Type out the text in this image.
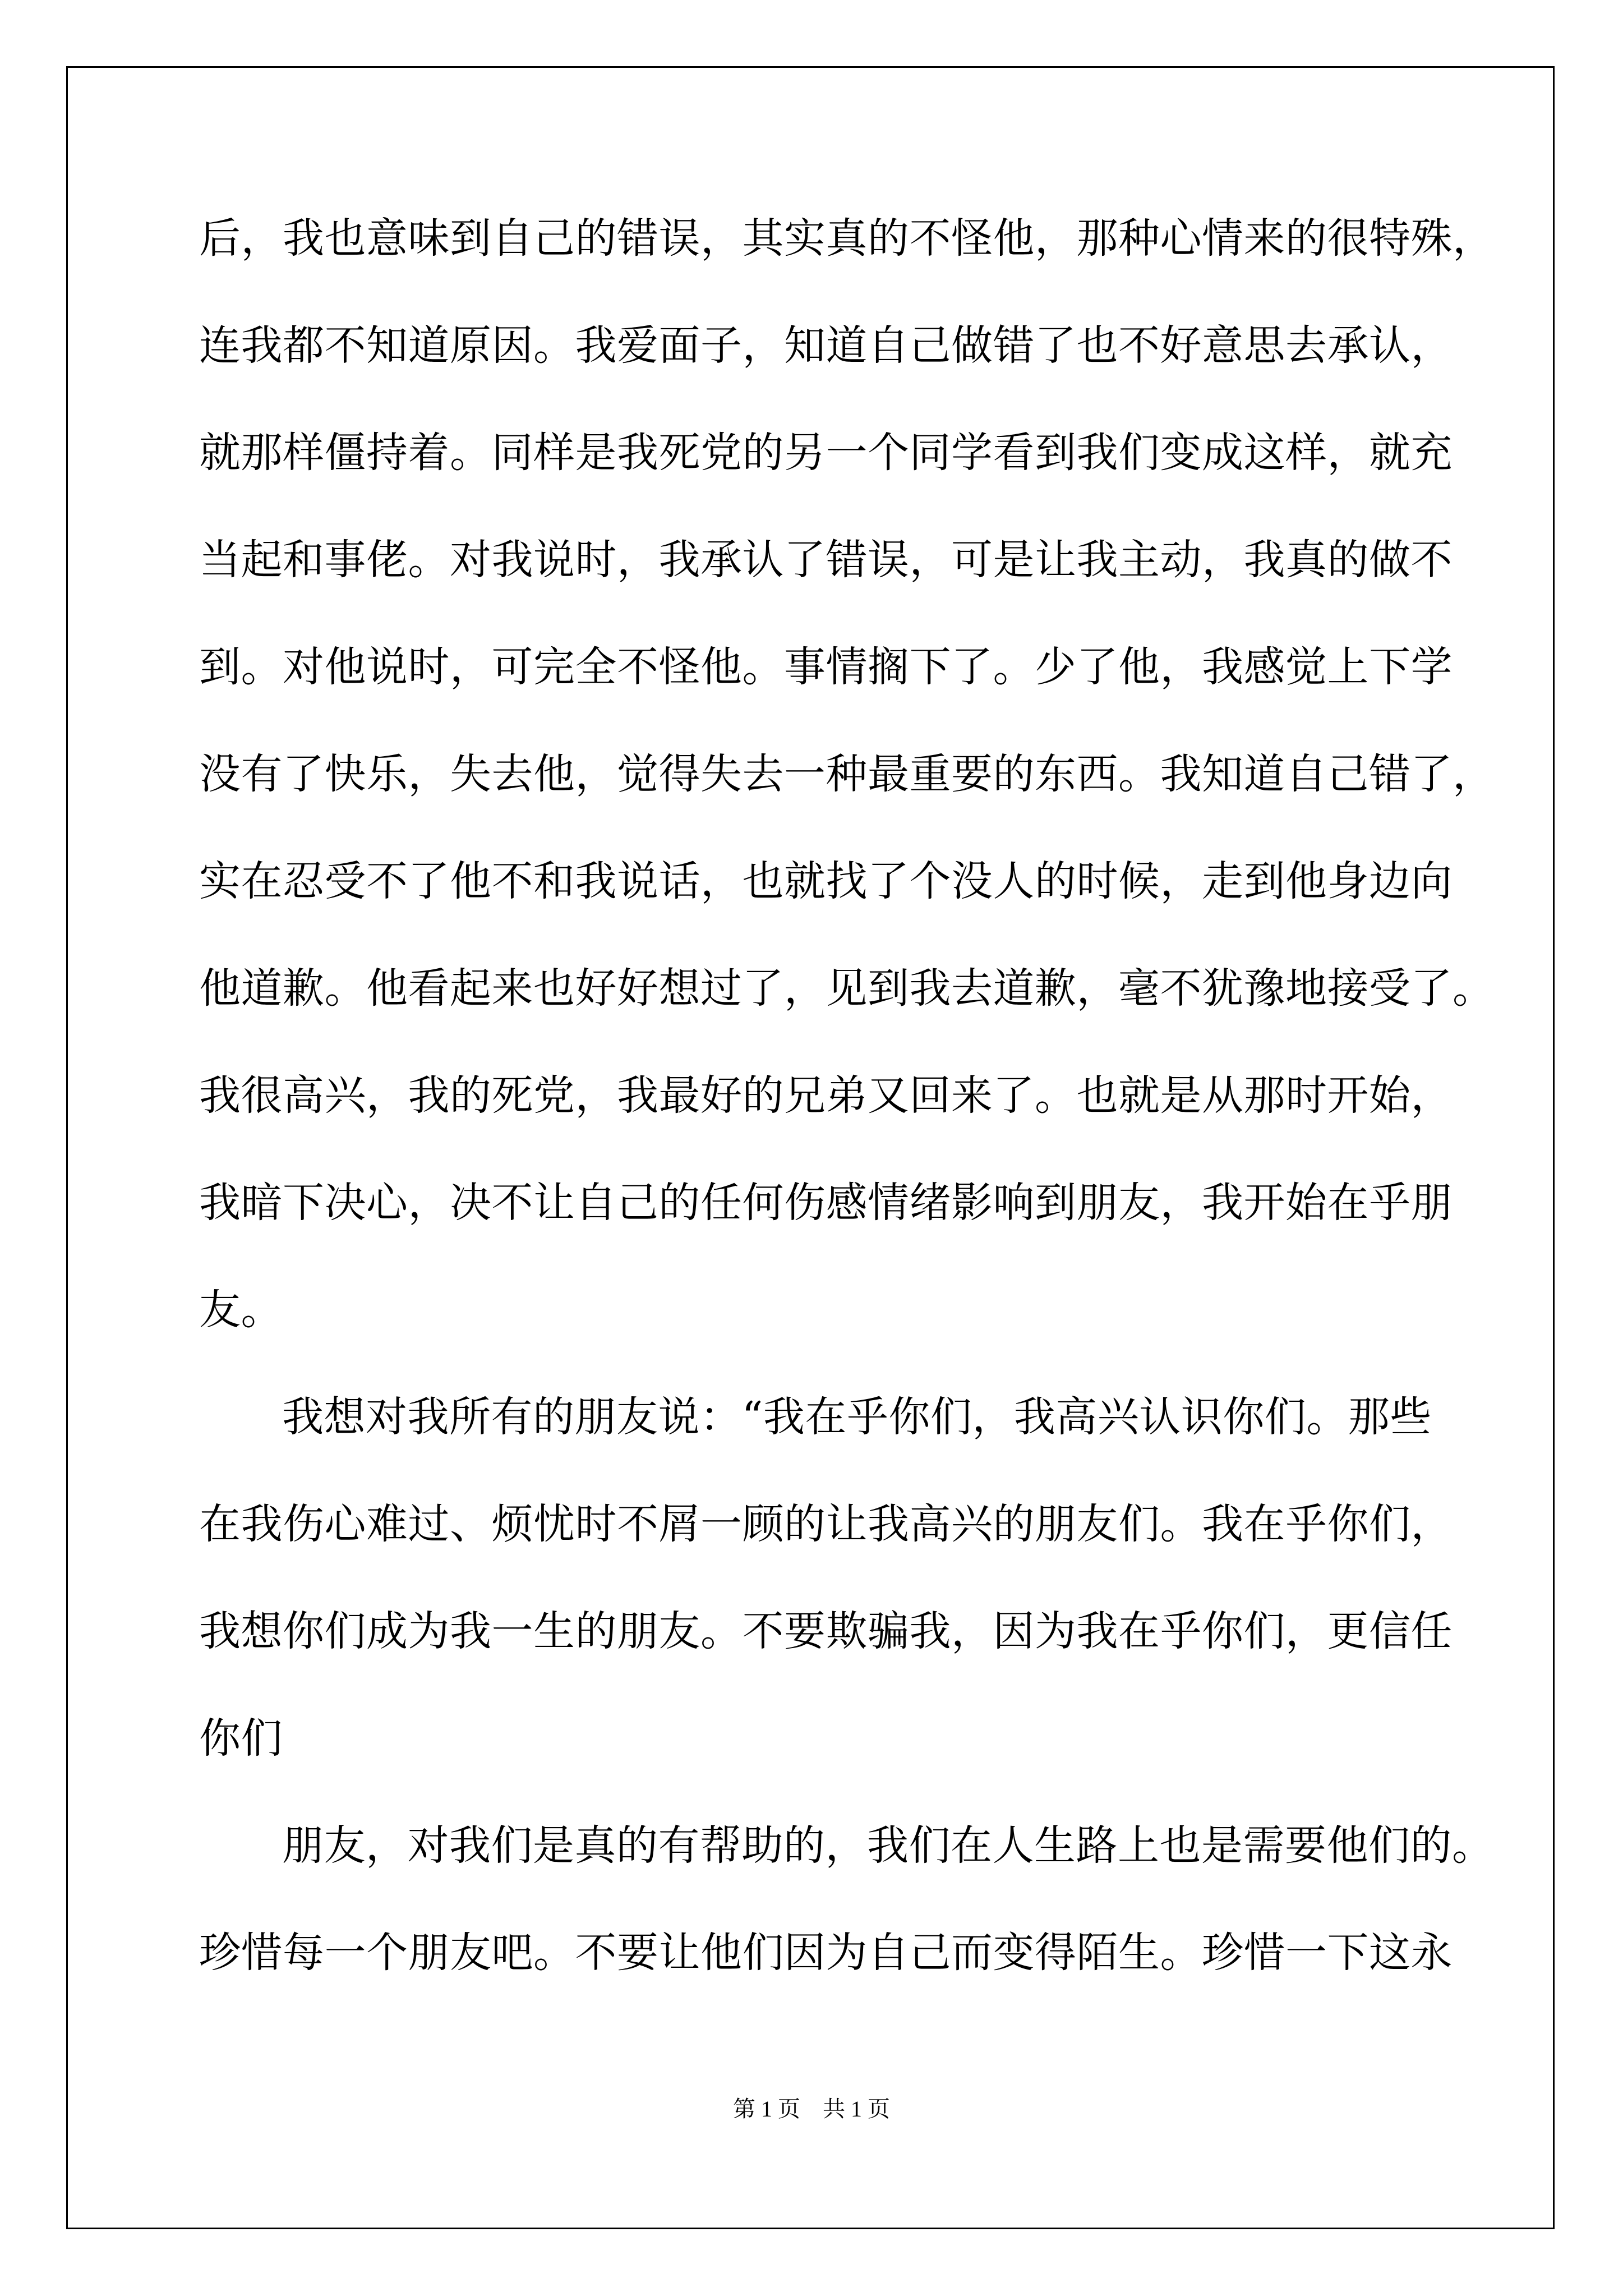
后，我也意味到自己的错误，其实真的不怪他，那种心情来的很特殊，
连我都不知道原因。我爱面子，知道自己做错了也不好意思去承认，
就那样僵持着。同样是我死党的另一个同学看到我们变成这样，就充
当起和事佬。对我说时，我承认了错误，可是让我主动，我真的做不
到。对他说时，可完全不怪他。事情搁下了。少了他，我感觉上下学
没有了快乐，失去他，觉得失去一种最重要的东西。我知道自己错了，
实在忍受不了他不和我说话，也就找了个没人的时候，走到他身边向
他道歉。他看起来也好好想过了，见到我去道歉，毫不犹豫地接受了。
我很高兴，我的死党，我最好的兄弟又回来了。也就是从那时开始，
我暗下决心，决不让自己的任何伤感情绪影响到朋友，我开始在乎朋
友。
我想对我所有的朋友说：“我在乎你们，我高兴认识你们。那些
在我伤心难过、烦忧时不屑一顾的让我高兴的朋友们。我在乎你们，
我想你们成为我一生的朋友。不要欺骗我，因为我在乎你们，更信任
你们
朋友，对我们是真的有帮助的，我们在人生路上也是需要他们的。
珍惜每一个朋友吧。不要让他们因为自己而变得陌生。珍惜一下这永
第 1 页　共 1 页
